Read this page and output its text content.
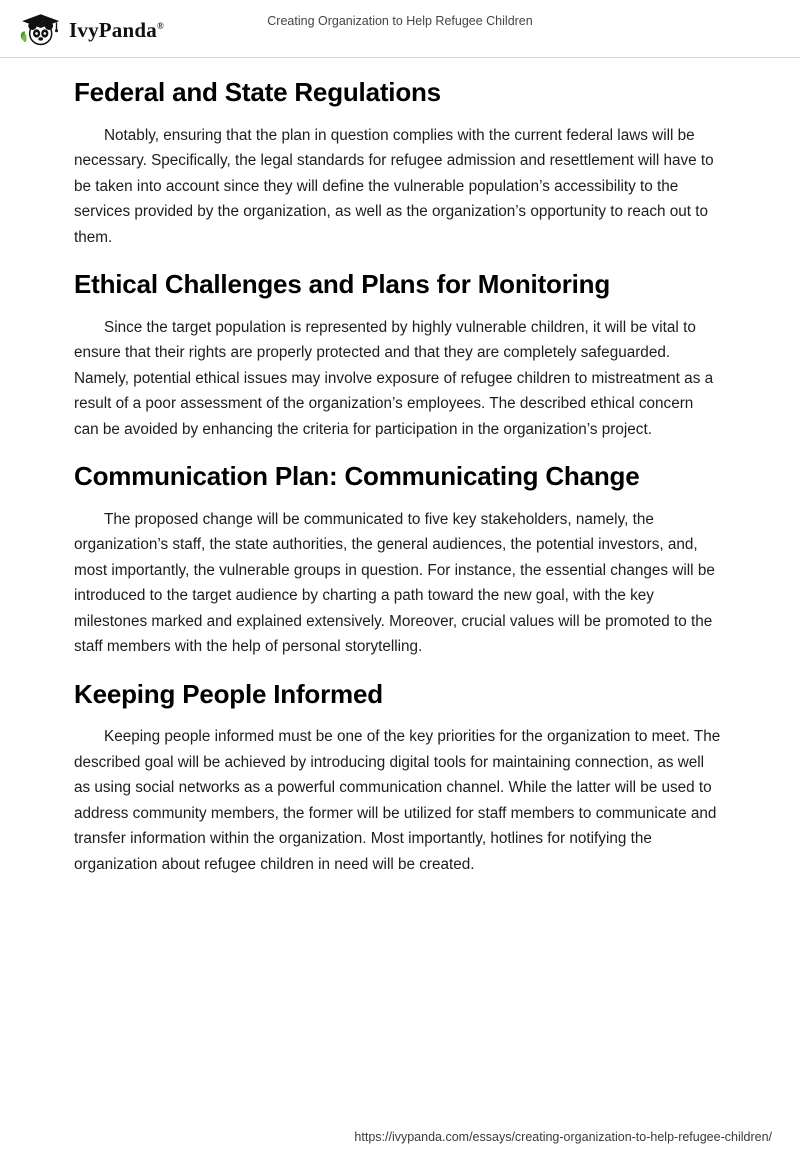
IvyPanda®	Creating Organization to Help Refugee Children
Federal and State Regulations

Notably, ensuring that the plan in question complies with the current federal laws will be necessary. Specifically, the legal standards for refugee admission and resettlement will have to be taken into account since they will define the vulnerable population’s accessibility to the services provided by the organization, as well as the organization’s opportunity to reach out to them.

Ethical Challenges and Plans for Monitoring

Since the target population is represented by highly vulnerable children, it will be vital to ensure that their rights are properly protected and that they are completely safeguarded. Namely, potential ethical issues may involve exposure of refugee children to mistreatment as a result of a poor assessment of the organization’s employees. The described ethical concern can be avoided by enhancing the criteria for participation in the organization’s project.

Communication Plan: Communicating Change

The proposed change will be communicated to five key stakeholders, namely, the organization’s staff, the state authorities, the general audiences, the potential investors, and, most importantly, the vulnerable groups in question. For instance, the essential changes will be introduced to the target audience by charting a path toward the new goal, with the key milestones marked and explained extensively. Moreover, crucial values will be promoted to the staff members with the help of personal storytelling.

Keeping People Informed

Keeping people informed must be one of the key priorities for the organization to meet. The described goal will be achieved by introducing digital tools for maintaining connection, as well as using social networks as a powerful communication channel. While the latter will be used to address community members, the former will be utilized for staff members to communicate and transfer information within the organization. Most importantly, hotlines for notifying the organization about refugee children in need will be created.

https://ivypanda.com/essays/creating-organization-to-help-refugee-children/
